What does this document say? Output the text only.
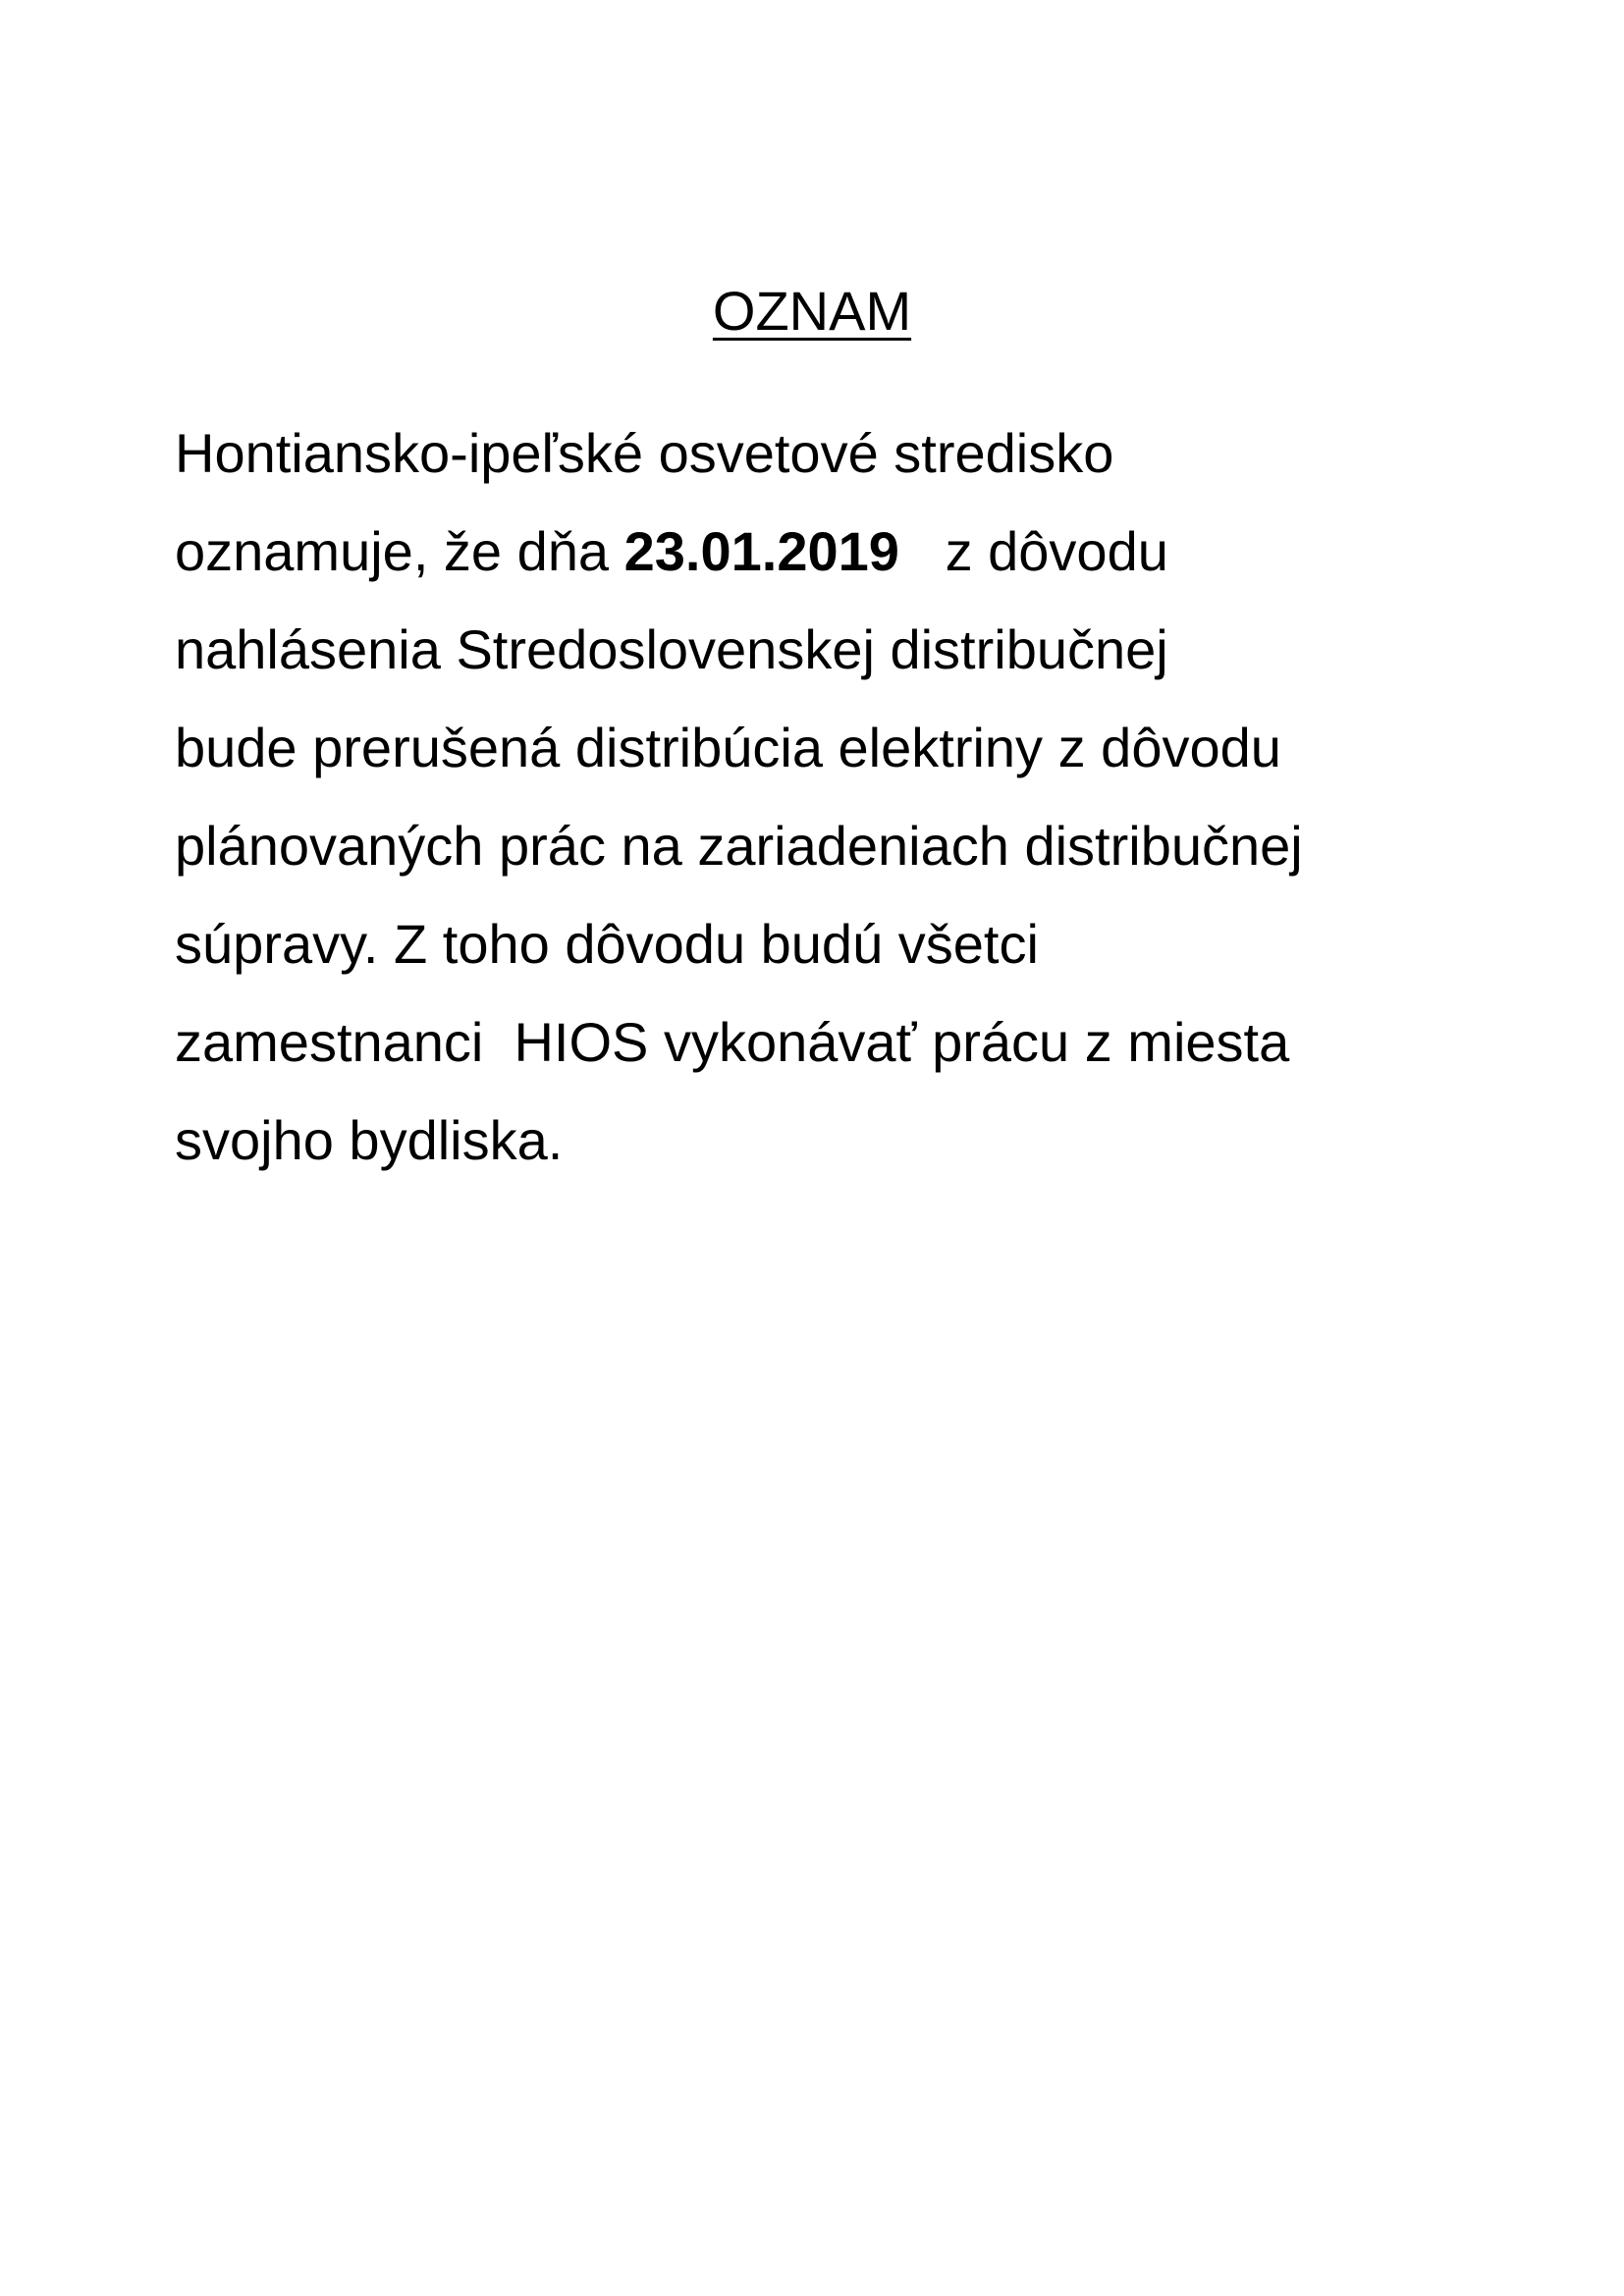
OZNAM
Hontiansko-ipeľské osvetové stredisko
oznamuje, že dňa 23.01.2019   z dôvodu
nahlásenia Stredoslovenskej distribučnej
bude prerušená distribúcia elektriny z dôvodu
plánovaných prác na zariadeniach distribučnej
súpravy. Z toho dôvodu budú všetci
zamestnanci  HIOS vykonávať prácu z miesta
svojho bydliska.
